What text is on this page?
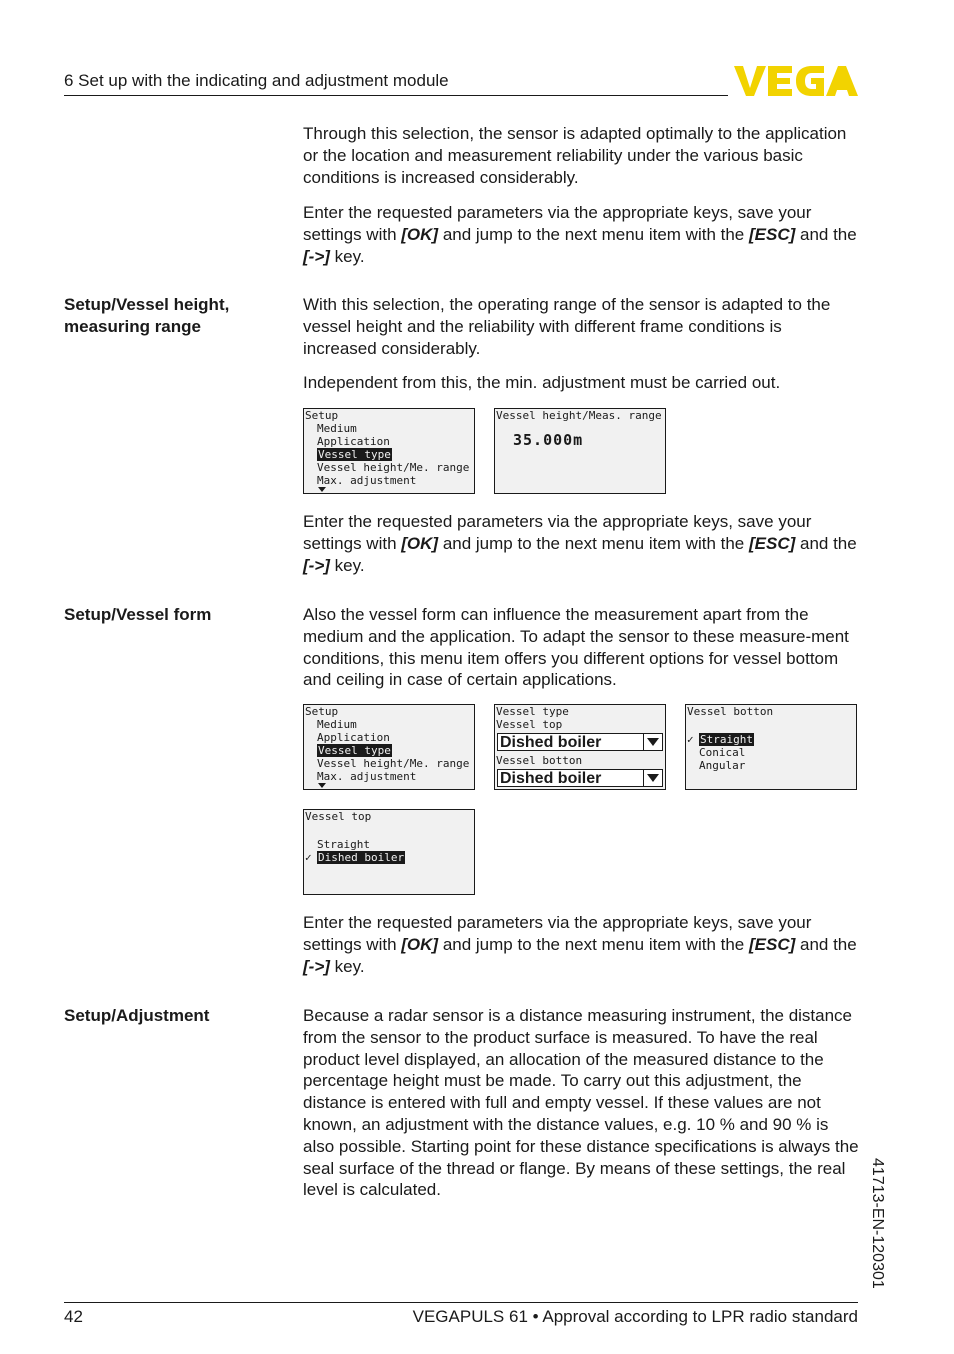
6 Set up with the indicating and adjustment module

Through this selection, the sensor is adapted optimally to the application or the location and measurement reliability under the various basic conditions is increased considerably.

Enter the requested parameters via the appropriate keys, save your settings with [OK] and jump to the next menu item with the [ESC] and the [->] key.

Setup/Vessel height, measuring range

With this selection, the operating range of the sensor is adapted to the vessel height and the reliability with different frame conditions is increased considerably.

Independent from this, the min. adjustment must be carried out.

Setup
Medium
Application
Vessel type
Vessel height/Me. range
Max. adjustment
Vessel height/Meas. range
35.000m

Enter the requested parameters via the appropriate keys, save your settings with [OK] and jump to the next menu item with the [ESC] and the [->] key.

Setup/Vessel form	Also the vessel form can influence the measurement apart from the medium and the application. To adapt the sensor to these measure-ment conditions, this menu item offers you different options for vessel bottom and ceiling in case of certain applications.

Setup
Medium
Application
Vessel type
Vessel height/Me. range
Max. adjustment
Vessel type
Vessel top
Dished boiler
Vessel botton
Dished boiler
Vessel botton
✓ Straight
Conical
Angular
Vessel top
Straight
✓ Dished boiler

Enter the requested parameters via the appropriate keys, save your settings with [OK] and jump to the next menu item with the [ESC] and the [->] key.

Setup/Adjustment	Because a radar sensor is a distance measuring instrument, the distance from the sensor to the product surface is measured. To have the real product level displayed, an allocation of the measured distance to the percentage height must be made. To carry out this adjustment, the distance is entered with full and empty vessel. If these values are not known, an adjustment with the distance values, e.g. 10 % and 90 % is also possible. Starting point for these distance specifications is always the seal surface of the thread or flange. By means of these settings, the real level is calculated.	41713-EN-120301
42	VEGAPULS 61 • Approval according to LPR radio standard
